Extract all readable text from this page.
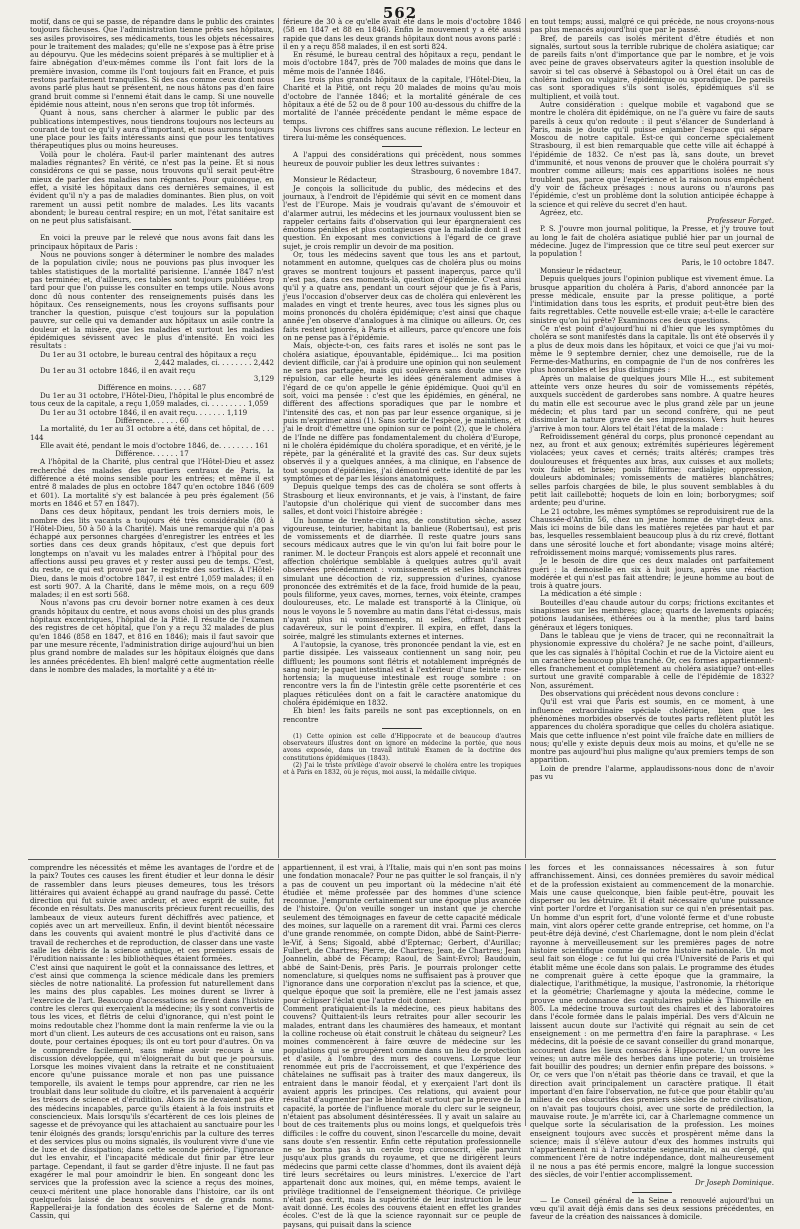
562

motif, dans ce qui se passe, de répandre dans le public des craintes toujours fâcheuses. Que l'administration tienne prêts ses hôpitaux, ses asiles provisoires, ses médicaments, tous les objets nécessaires pour le traitement des malades; qu'elle ne s'expose pas à être prise au dépourvu. Que les médecins soient préparés à se multiplier et à faire abnégation d'eux-mêmes comme ils l'ont fait lors de la première invasion, comme ils l'ont toujours fait en France, et puis restons parfaitement tranquilles. Si des cas comme ceux dont nous avons parlé plus haut se présentent, ne nous hâtons pas d'en faire grand bruit comme si l'ennemi était dans le camp. Si une nouvelle épidémie nous atteint, nous n'en serons que trop tôt informés.

Quant à nous, sans chercher à alarmer le public par des publications intempestives, nous tiendrons toujours nos lecteurs au courant de tout ce qu'il y aura d'important, et nous aurons toujours une place pour les faits intéressants ainsi que pour les tentatives thérapeutiques plus ou moins heureuses.

Voilà pour le choléra. Faut-il parler maintenant des autres maladies régnantes? En vérité, ce n'est pas la peine. Et si nous considérons ce qui se passe, nous trouvons qu'il serait peut-être mieux de parler des maladies non régnantes. Pour quiconque, en effet, a visité les hôpitaux dans ces dernières semaines, il est évident qu'il n'y a pas de maladies dominantes. Bien plus, on voit rarement un aussi petit nombre de malades. Les lits vacants abondent; le bureau central respire; en un mot, l'état sanitaire est on ne peut plus satisfaisant.

En voici la preuve par le relevé que nous avons fait dans les principaux hôpitaux de Paris :

Nous ne pouvions songer à déterminer le nombre des malades de la population civile; nous ne pouvions pas plus invoquer les tables statistiques de la mortalité parisienne. L'année 1847 n'est pas terminée; et, d'ailleurs, ces tables sont toujours publiées trop tard pour que l'on puisse les consulter en temps utile. Nous avons donc dû nous contenter des renseignements puisés dans les hôpitaux. Ces renseignements, nous les croyons suffisants pour trancher la question, puisque c'est toujours sur la population pauvre, sur celle qui va demander aux hôpitaux un asile contre la douleur et la misère, que les maladies et surtout les maladies épidémiques sévissent avec le plus d'intensité. En voici les résultats :

Du 1er au 31 octobre, le bureau central des hôpitaux a reçu

2,442 malades, ci. . . . . . . . 2,442

Du 1er au 31 octobre 1846, il en avait reçu

3,129

Différence en moins. . . . . 687

Du 1er au 31 octobre, l'Hôtel-Dieu, l'hôpital le plus encombré de tous ceux de la capitale, a reçu 1,059 malades, ci. . . . . . . . . 1,059

Du 1er au 31 octobre 1846, il en avait reçu. . . . . . . 1,119

Différence. . . . . . 60

La mortalité, du 1er au 31 octobre a été, dans cet hôpital, de . . . 144

Elle avait été, pendant le mois d'octobre 1846, de. . . . . . . . 161

Différence. . . . . . 17

A l'hôpital de la Charité, plus central que l'Hôtel-Dieu et assez recherché des malades des quartiers centraux de Paris, la différence a été moins sensible pour les entrées; et même il est entré 8 malades de plus en octobre 1847 qu'en octobre 1846 (609 et 601). La mortalité s'y est balancée à peu près également (56 morts en 1846 et 57 en 1847).

Dans ces deux hôpitaux, pendant les trois derniers mois, le nombre des lits vacants a toujours été très considérable (80 à l'Hôtel-Dieu, 50 à 50 à la Charité). Mais une remarque qui n'a pas échappé aux personnes chargées d'enregistrer les entrées et les sorties dans ces deux grands hôpitaux, c'est que depuis fort longtemps on n'avait vu les malades entrer à l'hôpital pour des affections aussi peu graves et y rester aussi peu de temps. C'est, du reste, ce qui est prouvé par le registre des sorties. A l'Hôtel-Dieu, dans le mois d'octobre 1847, il est entré 1,059 malades; il en est sorti 907. A la Charité, dans le même mois, on a reçu 609 malades; il en est sorti 568.

Nous n'avons pas cru devoir borner notre examen à ces deux grands hôpitaux du centre, et nous avons choisi un des plus grands hôpitaux excentriques, l'hôpital de la Pitié. Il résulte de l'examen des registres de cet hôpital, que l'on y a reçu 32 malades de plus qu'en 1846 (858 en 1847, et 816 en 1846); mais il faut savoir que par une mesure récente, l'administration dirige aujourd'hui un bien plus grand nombre de malades sur les hôpitaux éloignés que dans les années précédentes. Eh bien! malgré cette augmentation réelle dans le nombre des malades, la mortalité y a été in-

férieure de 30 à ce qu'elle avait été dans le mois d'octobre 1846 (58 en 1847 et 88 en 1846). Enfin le mouvement y a été aussi rapide que dans les deux grands hôpitaux dont nous avons parlé : il en y a reçu 858 malades, il en est sorti 824.

En résumé, le bureau central des hôpitaux a reçu, pendant le mois d'octobre 1847, près de 700 malades de moins que dans le même mois de l'année 1846.

Les trois plus grands hôpitaux de la capitale, l'Hôtel-Dieu, la Charité et la Pitié, ont reçu 20 malades de moins qu'au mois d'octobre de l'année 1846; et la mortalité générale de ces hôpitaux a été de 52 ou de 8 pour 100 au-dessous du chiffre de la mortalité de l'année précédente pendant le même espace de temps.

Nous livrons ces chiffres sans aucune réflexion. Le lecteur en tirera lui-même les conséquences.

A l'appui des considérations qui précèdent, nous sommes heureux de pouvoir publier les deux lettres suivantes :

Strasbourg, 6 novembre 1847.

Monsieur le Rédacteur,

Je conçois la sollicitude du public, des médecins et des journaux, à l'endroit de l'épidémie qui sévit en ce moment dans l'est de l'Europe. Mais je voudrais qu'avant de s'émouvoir et d'alarmer autrui, les médecins et les journaux voulussent bien se rappeler certains faits d'observation qui leur épargneraient ces émotions pénibles et plus contagieuses que la maladie dont il est question. En exposant mes convictions à l'égard de ce grave sujet, je crois remplir un devoir de ma position.

Or, tous les médecins savent que tous les ans et partout, notamment en automne, quelques cas de choléra plus ou moins graves se montrent toujours et passent inaperçus, parce qu'il n'est pas, dans ces moments-là, question d'épidémie. C'est ainsi qu'il y a quatre ans, pendant un court séjour que je fis à Paris, j'eus l'occasion d'observer deux cas de choléra qui enlevèrent les malades en vingt et trente heures, avec tous les signes plus ou moins prononcés du choléra épidémique; c'est ainsi que chaque année j'en observe d'analogues à ma clinique ou ailleurs. Or, ces faits restent ignorés, à Paris et ailleurs, parce qu'encore une fois on ne pense pas à l'épidémie.

Mais, objecte-t-on, ces faits rares et isolés ne sont pas le choléra asiatique, épouvantable, épidémique... Ici ma position devient difficile, car j'ai à produire une opinion qui non seulement ne sera pas partagée, mais qui soulèvera sans doute une vive répulsion, car elle heurte les idées généralement admises à l'égard de ce qu'on appelle le génie épidémique. Quoi qu'il en soit, voici ma pensée : c'est que les épidémies, en général, ne diffèrent des affections sporadiques que par le nombre et l'intensité des cas, et non pas par leur essence organique, si je puis m'exprimer ainsi (1). Sans sortir de l'espèce, je maintiens, et j'ai le droit d'émettre une opinion sur ce point (2), que le choléra de l'Inde ne diffère pas fondamentalement du choléra d'Europe, ni le choléra épidémique du choléra sporadique, et en vérité, je le répète, par la généralité et la gravité des cas. Sur deux sujets observés il y a quelques années, à ma clinique, en l'absence de tout soupçon d'épidémies, j'ai démontré cette identité de par les symptômes et de par les lésions anatomiques.

Depuis quelque temps des cas de choléra se sont offerts à Strasbourg et lieux environnants, et je vais, à l'instant, de faire l'autopsie d'un cholérique qui vient de succomber dans mes salles, et dont voici l'histoire abrégée :

Un homme de trente-cinq ans, de constitution sèche, assez vigoureuse, teinturier, habitant la banlieue (Robertsau), est pris de vomissements et de diarrhée. Il reste quatre jours sans secours médicaux autres que le vin qu'on lui fait boire pour le ranimer. M. le docteur François est alors appelé et reconnaît une affection cholérique semblable à quelques autres qu'il avait observées précédemment : vomissements et selles blanchâtres simulant une décoction de riz, suppression d'urines, cyanose prononcée des extrémités et de la face, froid humide de la peau, pouls filiforme, yeux caves, mornes, ternes, voix éteinte, crampes douloureuses, etc. Le malade est transporté à la Clinique, où nous le voyons le 5 novembre au matin dans l'état ci-dessus, mais n'ayant plus ni vomissements, ni selles, offrant l'aspect cadavéreux, sur le point d'expirer. Il expira, en effet, dans la soirée, malgré les stimulants externes et internes.

A l'autopsie, la cyanose, très prononcée pendant la vie, est en partie dissipée. Les vaisseaux contiennent un sang noir, peu diffluent; les poumons sont flétris et notablement imprégnés de sang noir; le paquet intestinal est à l'extérieur d'une teinte rose-hortensia; la muqueuse intestinale est rouge sombre : on rencontre vers la fin de l'intestin grêle cette psorentérie et ces plaques réticulées dont on a fait le caractère anatomique du choléra épidémique en 1832.

Eh bien! les faits pareils ne sont pas exceptionnels, on en rencontre

(1) Cette opinion est celle d'Hippocrate et de beaucoup d'autres observateurs illustres dont on ignore en médecine la portée, que nous avons exposée, dans un travail intitulé Examen de la doctrine des constitutions épidémiques (1843).

(2) J'ai le triste privilège d'avoir observé le choléra entre les tropiques et à Paris en 1832, où je reçus, moi aussi, la médaille civique.

en tout temps; aussi, malgré ce qui précède, ne nous croyons-nous pas plus menacés aujourd'hui que par le passé.

Bref, de pareils cas isolés méritent d'être étudiés et non signalés, surtout sous la terrible rubrique de choléra asiatique; car de pareils faits n'ont d'importance que par le nombre, et je vois avec peine de graves observateurs agiter la question insoluble de savoir si tel cas observé à Sébastopol ou à Orel était un cas de choléra indien ou vulgaire, épidémique ou sporadique. De pareils cas sont sporadiques s'ils sont isolés, épidémiques s'il se multiplient, et voilà tout.

Autre considération : quelque mobile et vagabond que se montre le choléra dit épidémique, on ne l'a guère vu faire de sauts pareils à ceux qu'on redoute : il peut s'élancer de Sunderland à Paris, mais je doute qu'il puisse enjamber l'espace qui sépare Moscou de notre capitale. Est-ce qui concerne spécialement Strasbourg, il est bien remarquable que cette ville ait échappé à l'épidémie de 1832. Ce n'est pas là, sans doute, un brevet d'immunité, et nous venons de prouver que le choléra pourrait s'y montrer comme ailleurs; mais ces apparitions isolées ne nous troublent pas, parce que l'expérience et la raison nous empêchent d'y voir de fâcheux présages : nous aurons ou n'aurons pas l'épidémie, c'est un problème dont la solution anticipée échappe à la science et qui relève du secret d'en haut.

Agréez, etc.

Professeur Forget.

P. S. J'ouvre mon journal politique, la Presse, et j'y trouve tout au long le fait de choléra asiatique publié hier par un journal de médecine. Jugez de l'impression que ce titre seul peut exercer sur la population !

Paris, le 10 octobre 1847.

Monsieur le rédacteur,

Depuis quelques jours l'opinion publique est vivement émue. La brusque apparition du choléra à Paris, d'abord annoncée par la presse médicale, ensuite par la presse politique, a porté l'intimidation dans tous les esprits, et produit peut-être bien des faits regrettables. Cette nouvelle est-elle vraie; a-t-elle le caractère sinistre qu'on lui prête? Examinons ces deux questions.

Ce n'est point d'aujourd'hui ni d'hier que les symptômes du choléra se sont manifestés dans la capitale. Ils ont été observés il y a plus de deux mois dans les hôpitaux, et voici ce que j'ai vu moi-même le 9 septembre dernier, chez une demoiselle, rue de la Ferme-des-Mathurins, en compagnie de l'un de nos confrères les plus honorables et les plus distingués :

Après un malaise de quelques jours Mlle H..., est subitement atteinte vers onze heures du soir de vomissements répétés, auxquels succèdent de garderobes sans nombre. A quatre heures du matin elle est secourue avec le plus grand zèle par un jeune médecin; et plus tard par un second confrère, qui ne peut dissimuler la nature grave de ses impressions. Vers huit heures j'arrive à mon tour. Alors tel était l'état de la malade :

Refroidissement général du corps, plus prononcé cependant au nez, au front et aux genoux; extrémités supérieures légèrement violacées; yeux caves et cernés; traits altérés; crampes très douloureuses et fréquentes aux bras, aux cuisses et aux mollets; voix faible et brisée; pouls filiforme; cardialgie; oppression, douleurs abdominales; vomissements de matières blanchâtres; selles parfois chargées de bile, le plus souvent semblables à du petit lait caillebotté; hoquets de loin en loin; borborygmes; soif ardente; peu d'urine.

Le 21 octobre, les mêmes symptômes se reproduisirent rue de la Chaussée-d'Antin 56, chez un jeune homme de vingt-deux ans. Mais ici moins de bile dans les matières rejetées par haut et par bas, lesquelles ressemblaient beaucoup plus à du riz crevé, flottant dans une sérosité louche et fort abondante; visage moins altéré; refroidissement moins marqué; vomissements plus rares.

Je le besoin de dire que ces deux malades ont parfaitement guéri : la demoiselle en six à huit jours, après une réaction modérée et qui n'est pas fait attendre; le jeune homme au bout de trois à quatre jours.

La médication a été simple :

Bouteilles d'eau chaude autour du corps; frictions excitantes et sinapismes sur les membres; glace; quarts de lavements opiacés; potions laudanisées, éthérées ou à la menthe; plus tard bains généraux et légers toniques.

Dans le tableau que je viens de tracer, qui ne reconnaîtrait la physionomie expressive du choléra? Je ne sache point, d'ailleurs, que les cas signalés à l'hôpital Cochin et rue de la Victoire aient eu un caractère beaucoup plus tranché. Or, ces formes appartiennent-elles franchement et complètement au choléra asiatique? ont-elles surtout une gravité comparable à celle de l'épidémie de 1832? Non, assurément.

Des observations qui précèdent nous devons conclure :

Qu'il est vrai que Paris est soumis, en ce moment, à une influence extraordinaire spéciale cholérique, bien que les phénomènes morbides observés de toutes parts reflètent plutôt les apparences du choléra sporadique que celles du choléra asiatique. Mais que cette influence n'est point vile fraîche date en milliers de nous; qu'elle y existe depuis deux mois au moins, et qu'elle ne se montre pas aujourd'hui plus maligne qu'aux premiers temps de son apparition.

Loin de prendre l'alarme, applaudissons-nous donc de n'avoir pas vu

comprendre les nécessités et même les avantages de l'ordre et de la paix? Toutes ces causes les firent étudier et leur donna le désir de rassembler dans leurs pieuses demeures, tous les trésors littéraires qui avaient échappé au grand naufrage du passé. Cette direction qui fut suivie avec ardeur, et avec esprit de suite, fut féconde en résultats. Des manuscrits précieux furent recueillis, des lambeaux de vieux auteurs furent déchiffrés avec patience, et copiés avec un art merveilleux. Enfin, il devint bientôt nécessaire dans les couvents qui avaient montré le plus d'activité dans ce travail de recherches et de reproduction, de classer dans une vaste salle les débris de la science antique, et ces premiers essais de l'érudition naissante : les bibliothèques étaient formées.
C'est ainsi que naquirent le goût et la connaissance des lettres, et c'est ainsi que commença la science médicale dans les premiers siècles de notre nationalité. La profession fut naturellement dans les mains des plus capables. Les moines durent se livrer à l'exercice de l'art. Beaucoup d'accessations se firent dans l'histoire contre les clercs qui exerçaient la médecine; ils y sont convertis de tous les vices, et flétris de celui d'ignorance, qui n'est point le moins redoutable chez l'homme dont la main renferme la vie ou la mort d'un client. Les auteurs de ces accusations ont eu raison, sans doute, pour certaines époques; ils ont eu tort pour d'autres. On va le comprendre facilement, sans même avoir recours à une discussion développée, qui m'éloignerait du but que je poursuis. Lorsque les moines vivaient dans la retraite et ne constituaient encore qu'une puissance morale et non pas une puissance temporelle, ils avaient le temps pour apprendre, car rien ne les troublait dans leur solitude du cloître, et ils parvenaient à acquérir les trésors de science et d'érudition. Alors ils ne devaient pas être des médecins incapables, parce qu'ils étaient à la fois instruits et consciencieux. Mais lorsqu'ils s'écartèrent de ces lois pleines de sagesse et de prévoyance qui les attachaient au sanctuaire pour les tenir éloignés des grands; lorsqu'enrichis par la culture des terres et des services plus ou moins signalés, ils voulurent vivre d'une vie de luxe et de dissipation; dans cette seconde période, l'ignorance dut les envahir, et l'incapacité médicale dut finir par être leur partage. Cependant, il faut se garder d'être injuste. Il ne faut pas exagérer le mal pour amoindrir le bien. En songeant donc les services que la profession avec la science a reçus des moines, ceux-ci méritent une place honorable dans l'histoire, car ils ont quelquefois laissé de beaux souvenirs et de grands noms. Rappellerai-je la fondation des écoles de Salerne et de Mont-Cassin, qui

appartiennent, il est vrai, à l'Italie, mais qui n'en sont pas moins une fondation monacale? Pour ne pas quitter le sol français, il n'y a pas de couvent un peu important où la médecine n'ait été étudiée et même professée par des hommes d'une science reconnue. J'emprunte certainement sur une époque plus avancée de l'histoire. Qu'on veuille songer un instant que je cherche seulement des témoignages en faveur de cette capacité médicale des moines, sur laquelle on a rarement dit vrai. Parmi ces clercs d'une grande renommée, on compte Didon, abbé de Saint-Pierre-le-Vif, à Sens; Sigoald, abbé d'Epternac; Gerbert, d'Aurillac; Fulbert, de Chartres; Pierre, de Chartres; Jean, de Chartres; Jean Joannelin, abbé de Fécamp; Raoul, de Saint-Evrol; Baudouin, abbé de Saint-Denis, près Paris. Je pourrais prolonger cette nomenclature, si quelques noms ne suffisaient pas à prouver que l'ignorance dans une corporation n'exclut pas la science, et que, quelque époque que soit la première, elle ne l'est jamais assez pour éclipser l'éclat que l'autre doit donner.
Comment pratiquaient-ils la médecine, ces pieux habitans des couvens? Quittaient-ils leurs retraites pour aller secourir les malades, entrant dans les chaumières des hameaux, et montant la colline rocheuse où était construit le château du seigneur? Les moines commencèrent à faire œuvre de médecine sur les populations qui se groupèrent comme dans un lieu de protection et d'asile, à l'ombre des murs des couvens. Lorsque leur renommée eut pris de l'accroissement, et que l'expérience des châtelaines ne suffisait pas à traiter des maux dangereux, ils entraient dans le manoir féodal, et y exerçaient l'art dont ils avaient appris les principes. Ces relations, qui avaient pour résultat d'augmenter par le bienfait et surtout par la preuve de la capacité, la portée de l'influence morale du clerc sur le seigneur, n'étaient pas absolument désintéressées. Il y avait un salaire au bout de ces traitements plus ou moins longs, et quelquefois très difficiles : le coffre du couvent, sinon l'escarcelle du moine, devait sans doute s'en ressentir. Enfin cette réputation professionnelle ne se borna pas à un cercle trop circonscrit, elle parvint jusqu'aux plus grands du royaume, et que ne dirigèrent leurs médecins que parmi cette classe d'hommes, dont ils avaient déjà tiré leurs secrétaires ou leurs ministres. L'exercice de l'art appartenait donc aux moines, qui, en même temps, avaient le privilège traditionnel de l'enseignement théorique. Ce privilège n'était pas écrit, mais la supériorité de leur instruction le leur avait donné. Les écoles des couvens étaient en effet les grandes écoles. C'est de là que la science rayonnait sur ce peuple de paysans, qui puisait dans la science

les forces et les connaissances nécessaires à son futur affranchissement. Ainsi, ces données premières du savoir médical et de la profession existaient au commencement de la monarchie. Mais une cause quelconque, bien faible peut-être, pouvait les disperser ou les détruire. Et il était nécessaire qu'une puissance vînt porter l'ordre et l'organisation sur ce qui n'en présentait pas. Un homme d'un esprit fort, d'une volonté ferme et d'une robuste main, vint alors opérer cette grande entreprise, cet homme, on l'a peut-être déjà deviné, c'est Charlemagne, dont le nom plein d'éclat rayonne à merveilleusement sur les premières pages de notre histoire scientifique comme de notre histoire nationale. Un mot seul fait son éloge : ce fut lui qui créa l'Université de Paris et qui établit même une école dans son palais. Le programme des études ne comprenait guère à cette époque que la grammaire, la dialectique, l'arithmétique, la musique, l'astronomie, la rhétorique et la géométrie; Charlemagne y ajouta la médecine, comme le prouve une ordonnance des capitulaires publiée à Thionville en 805. La médecine trouva surtout des chaires et des laboratoires dans l'école formée dans le palais impérial. Des vers d'Alcuin ne laissent aucun doute sur l'activité qui régnait au sein de cet enseignement : on me permettra d'en faire la paraphrase. « Les médecins, dit la poésie de ce savant conseiller du grand monarque, accourent dans les lieux consacrés à Hippocrate. L'un ouvre les veines; un autre mêle des herbes dans une poterie; un troisième fait bouillir des poudres; un dernier enfin prépare des boissons. » Or, ce vers que l'on n'était pas théorie dans ce travail, et que la direction avait principalement un caractère pratique. Il était important d'en faire l'observation, ne fut-ce que pour établir qu'au milieu de ces obscurités des premiers siècles de notre civilisation, on n'avait pas toujours choisi, avec une sorte de prédilection, la mauvaise route. Je m'arrête ici, car à Charlemagne commence un quelque sorte la sécularisation de la profession. Les moines enseignent toujours avec succès et prospèrent même dans la science; mais il s'élève autour d'eux des hommes instruits qui n'appartiennent ni à l'aristocratie seigneuriale, ni au clergé, qui commencent l'ère de notre indépendance, dont malheureusement il ne nous a pas été permis encore, malgré la longue succession des siècles, de voir l'entier accomplissement.

Dr Joseph Dominique.

— Le Conseil général de la Seine a renouvelé aujourd'hui un vœu qu'il avait déjà émis dans ses deux sessions précédentes, en faveur de la création des naissances à domicile.
